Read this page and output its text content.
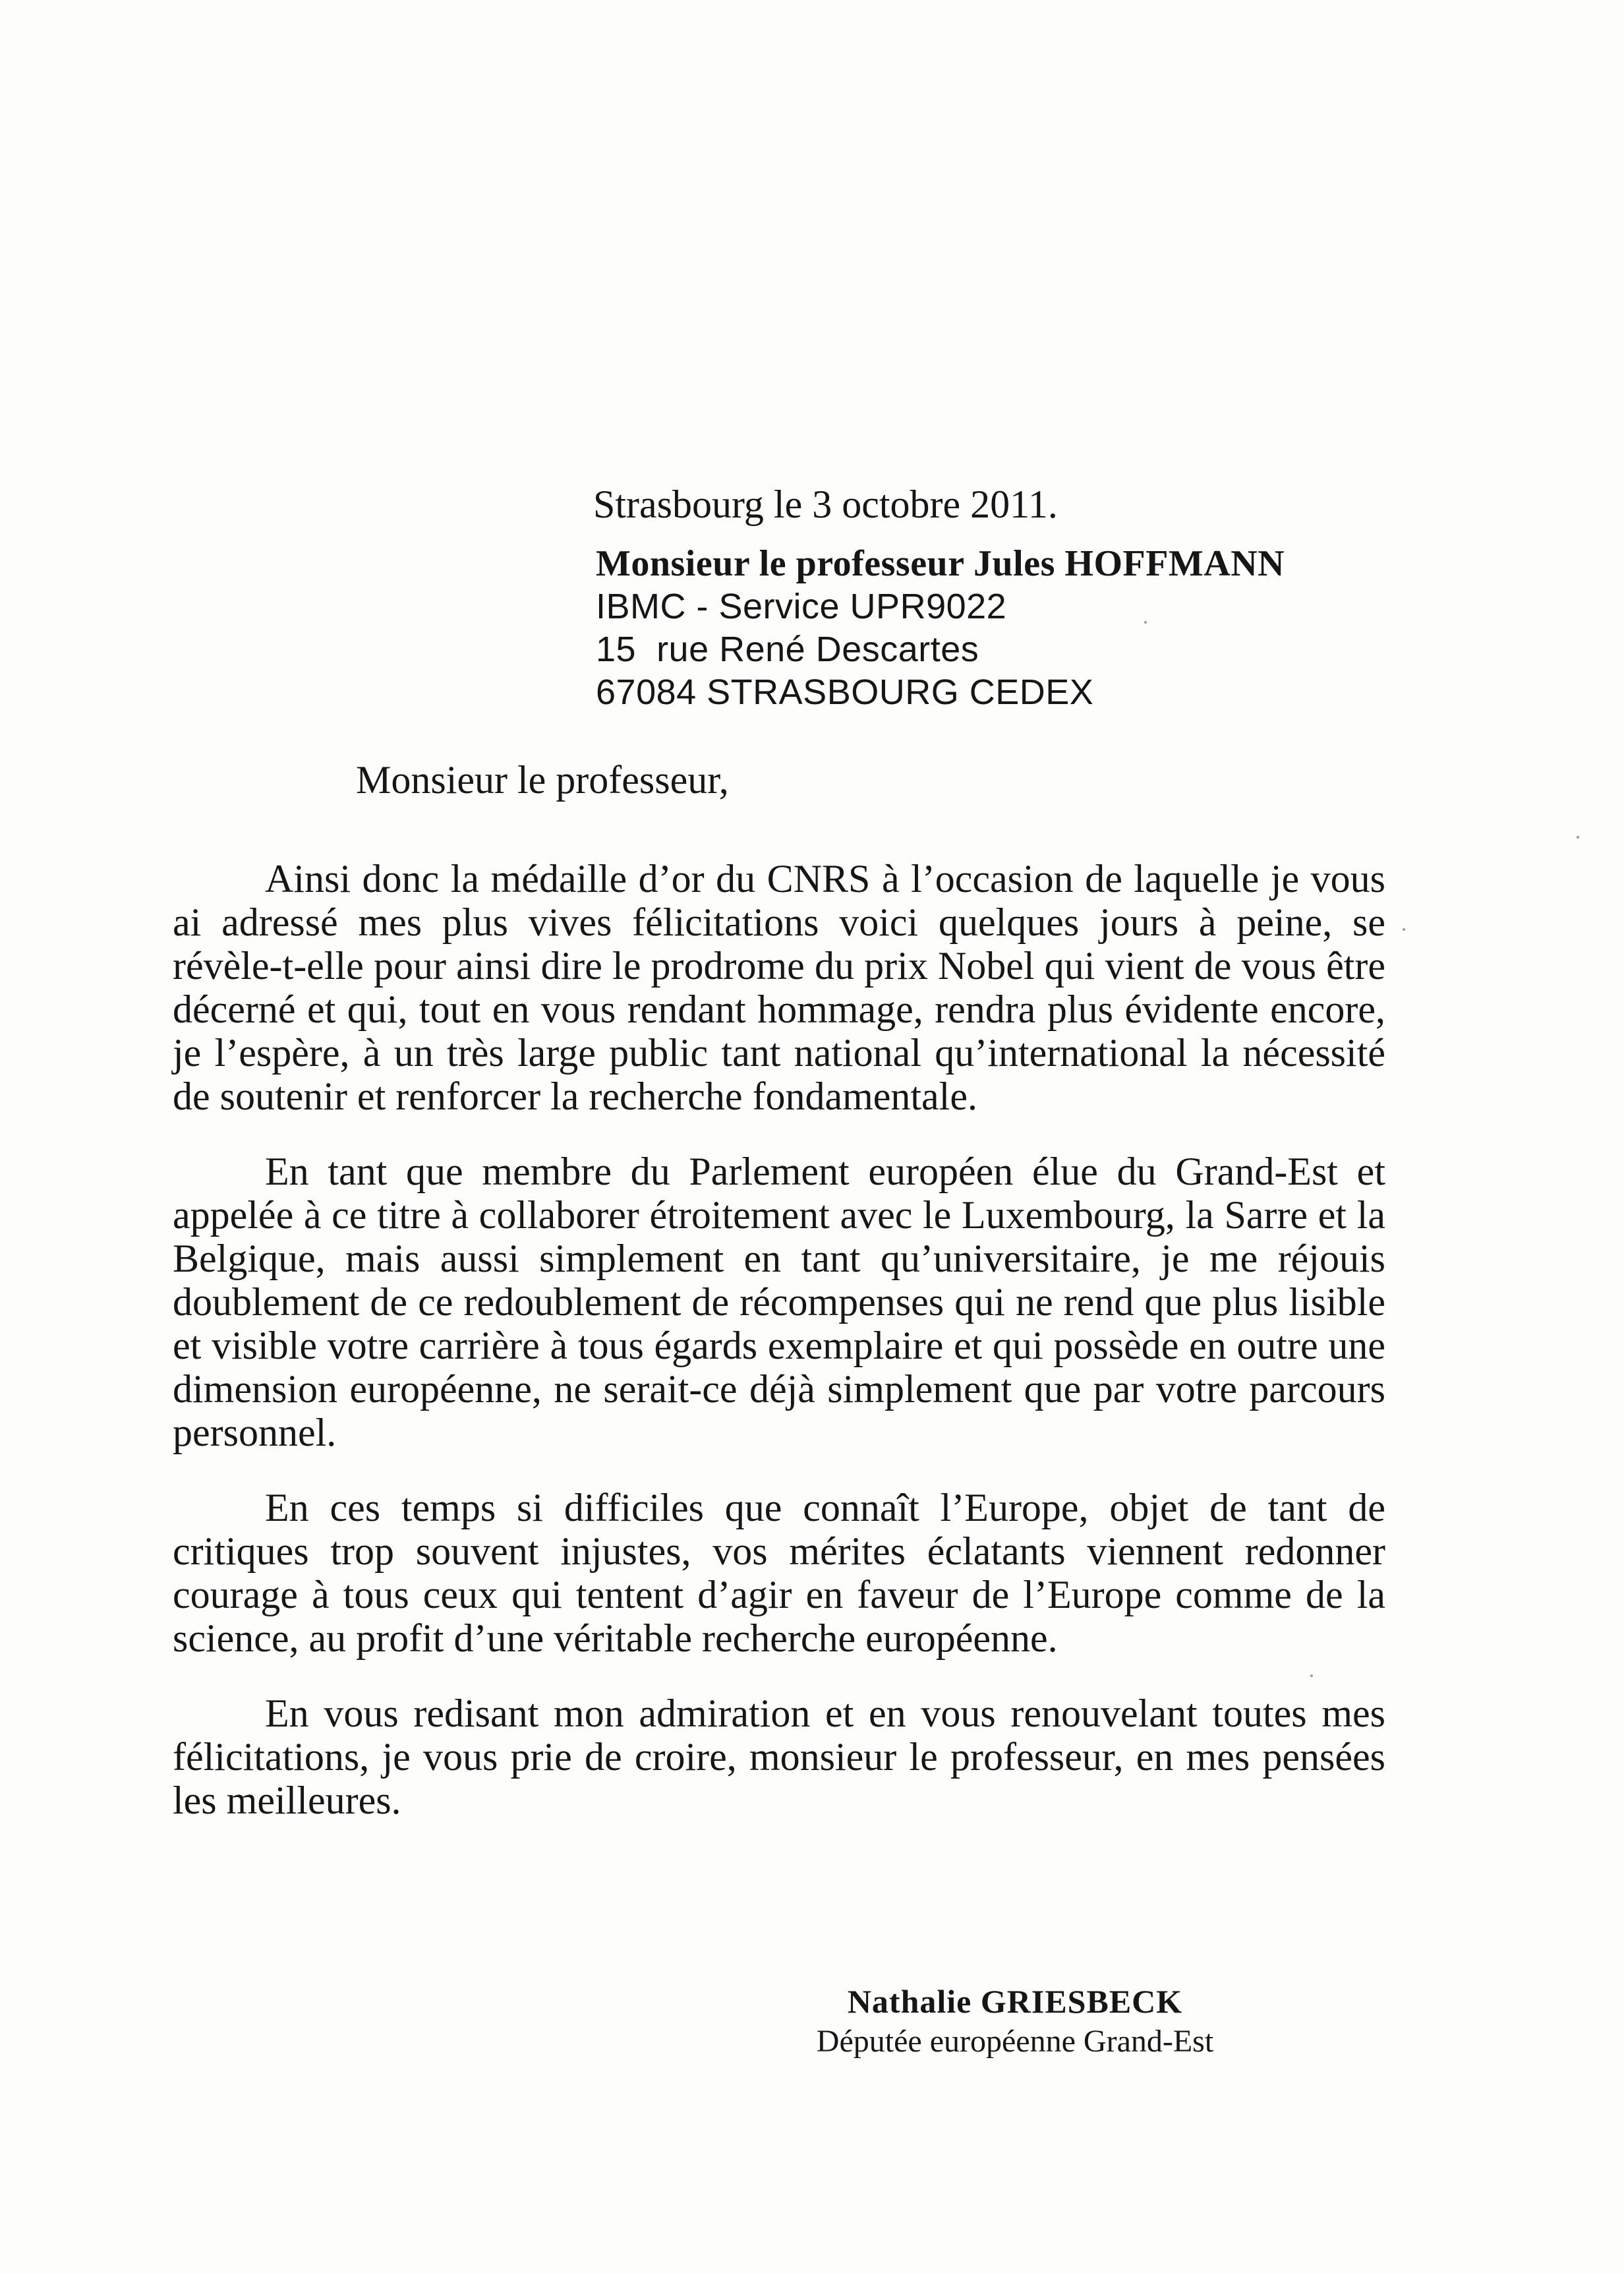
Strasbourg le 3 octobre 2011.
Monsieur le professeur Jules HOFFMANN
IBMC - Service UPR9022
15  rue René Descartes
67084 STRASBOURG CEDEX
Monsieur le professeur,

Ainsi donc la médaille d’or du CNRS à l’occasion de laquelle je vous ai adressé mes plus vives félicitations voici quelques jours à peine, se révèle-t-elle pour ainsi dire le prodrome du prix Nobel qui vient de vous être décerné et qui, tout en vous rendant hommage, rendra plus évidente encore, je l’espère, à un très large public tant national qu’international la nécessité de soutenir et renforcer la recherche fondamentale.

En tant que membre du Parlement européen élue du Grand-Est et appelée à ce titre à collaborer étroitement avec le Luxembourg, la Sarre et la Belgique, mais aussi simplement en tant qu’universitaire, je me réjouis doublement de ce redoublement de récompenses qui ne rend que plus lisible et visible votre carrière à tous égards exemplaire et qui possède en outre une dimension européenne, ne serait-ce déjà simplement que par votre parcours personnel.

En ces temps si difficiles que connaît l’Europe, objet de tant de critiques trop souvent injustes, vos mérites éclatants viennent redonner courage à tous ceux qui tentent d’agir en faveur de l’Europe comme de la science, au profit d’une véritable recherche européenne.

En vous redisant mon admiration et en vous renouvelant toutes mes félicitations, je vous prie de croire, monsieur le professeur, en mes pensées les meilleures.

Nathalie GRIESBECK
Députée européenne Grand-Est
